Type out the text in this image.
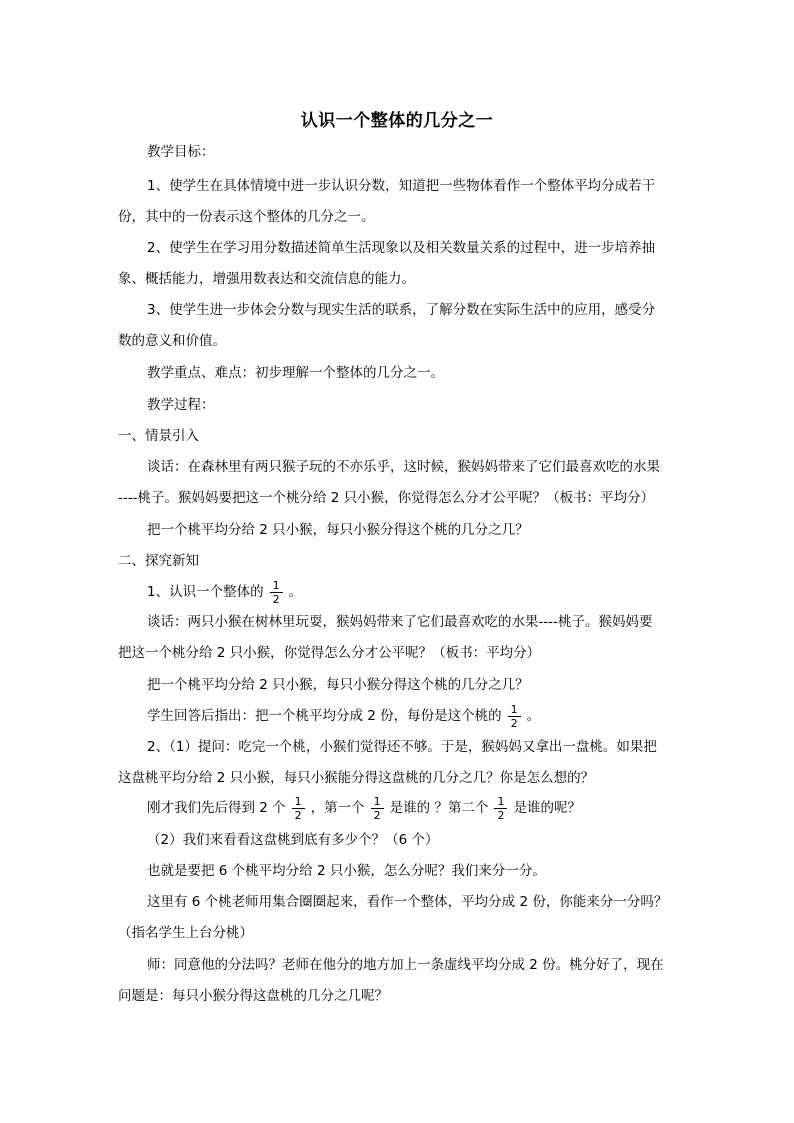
认识一个整体的几分之一

教学目标：

1、使学生在具体情境中进一步认识分数，知道把一些物体看作一个整体平均分成若干

份，其中的一份表示这个整体的几分之一。

2、使学生在学习用分数描述简单生活现象以及相关数量关系的过程中，进一步培养抽

象、概括能力，增强用数表达和交流信息的能力。

3、使学生进一步体会分数与现实生活的联系，了解分数在实际生活中的应用，感受分

数的意义和价值。

教学重点、难点：初步理解一个整体的几分之一。

教学过程：

一、情景引入

谈话：在森林里有两只猴子玩的不亦乐乎，这时候，猴妈妈带来了它们最喜欢吃的水果

----桃子。猴妈妈要把这一个桃分给 2 只小猴，你觉得怎么分才公平呢？（板书：平均分）

把一个桃平均分给 2 只小猴，每只小猴分得这个桃的几分之几？

二、探究新知

1、认识一个整体的 $\frac{1}{2}$ 。

谈话：两只小猴在树林里玩耍，猴妈妈带来了它们最喜欢吃的水果----桃子。猴妈妈要

把这一个桃分给 2 只小猴，你觉得怎么分才公平呢？（板书：平均分）

把一个桃平均分给 2 只小猴，每只小猴分得这个桃的几分之几？

学生回答后指出：把一个桃平均分成 2 份，每份是这个桃的 $\frac{1}{2}$ 。

2、（1）提问：吃完一个桃，小猴们觉得还不够。于是，猴妈妈又拿出一盘桃。如果把

这盘桃平均分给 2 只小猴，每只小猴能分得这盘桃的几分之几？你是怎么想的？

刚才我们先后得到 2 个 $\frac{1}{2}$ ，第一个 $\frac{1}{2}$ 是谁的 ？第二个 $\frac{1}{2}$ 是谁的呢？

（2）我们来看看这盘桃到底有多少个？（6 个）

也就是要把 6 个桃平均分给 2 只小猴，怎么分呢？我们来分一分。

这里有 6 个桃老师用集合圈圈起来，看作一个整体，平均分成 2 份，你能来分一分吗？

（指名学生上台分桃）

师：同意他的分法吗？老师在他分的地方加上一条虚线平均分成 2 份。桃分好了，现在

问题是：每只小猴分得这盘桃的几分之几呢？
